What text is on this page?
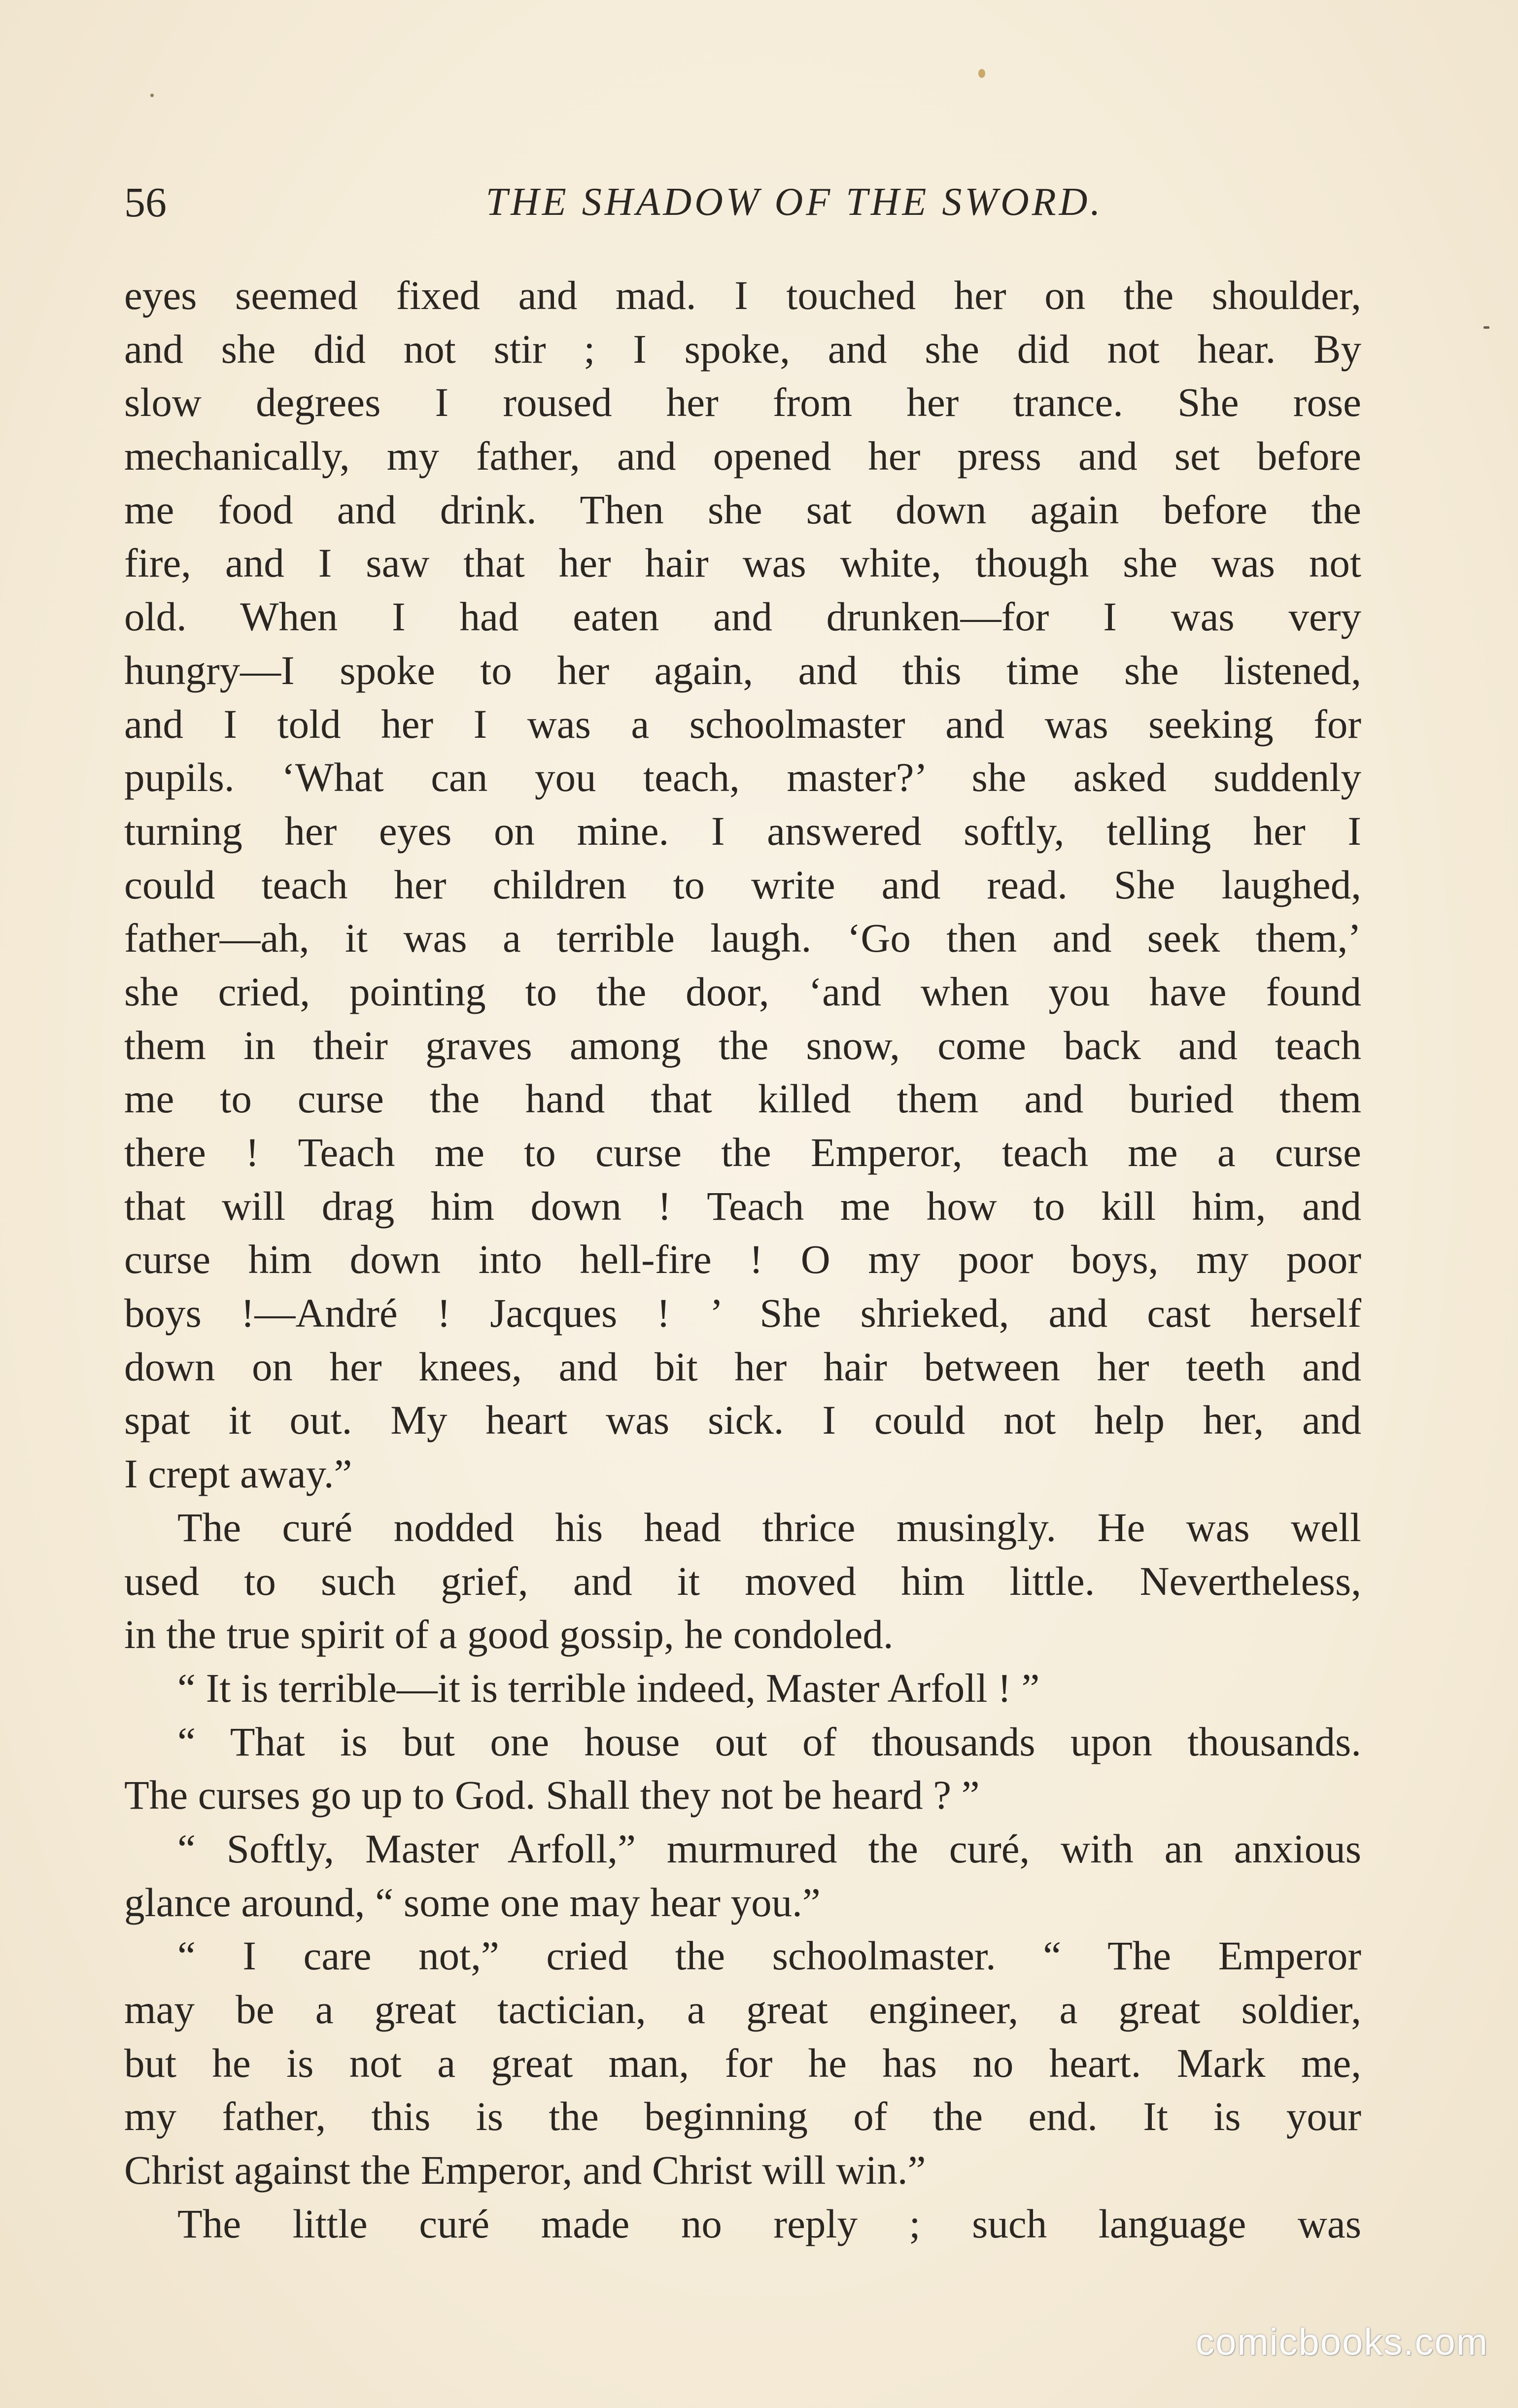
56	THE SHADOW OF THE SWORD.
eyes seemed fixed and mad. I touched her on the shoulder,
and she did not stir ; I spoke, and she did not hear. By
slow degrees I roused her from her trance. She rose
mechanically, my father, and opened her press and set before
me food and drink. Then she sat down again before the
fire, and I saw that her hair was white, though she was not
old. When I had eaten and drunken—for I was very
hungry—I spoke to her again, and this time she listened,
and I told her I was a schoolmaster and was seeking for
pupils. ‘What can you teach, master?’ she asked suddenly
turning her eyes on mine. I answered softly, telling her I
could teach her children to write and read. She laughed,
father—ah, it was a terrible laugh. ‘Go then and seek them,’
she cried, pointing to the door, ‘and when you have found
them in their graves among the snow, come back and teach
me to curse the hand that killed them and buried them
there ! Teach me to curse the Emperor, teach me a curse
that will drag him down ! Teach me how to kill him, and
curse him down into hell-fire ! O my poor boys, my poor
boys !—André ! Jacques ! ’ She shrieked, and cast herself
down on her knees, and bit her hair between her teeth and
spat it out. My heart was sick. I could not help her, and
I crept away.”
The curé nodded his head thrice musingly. He was well
used to such grief, and it moved him little. Nevertheless,
in the true spirit of a good gossip, he condoled.
“ It is terrible—it is terrible indeed, Master Arfoll ! ”
“ That is but one house out of thousands upon thousands.
The curses go up to God. Shall they not be heard ? ”
“ Softly, Master Arfoll,” murmured the curé, with an anxious
glance around, “ some one may hear you.”
“ I care not,” cried the schoolmaster. “ The Emperor
may be a great tactician, a great engineer, a great soldier,
but he is not a great man, for he has no heart. Mark me,
my father, this is the beginning of the end. It is your
Christ against the Emperor, and Christ will win.”
The little curé made no reply ; such language was
comicbooks.com
